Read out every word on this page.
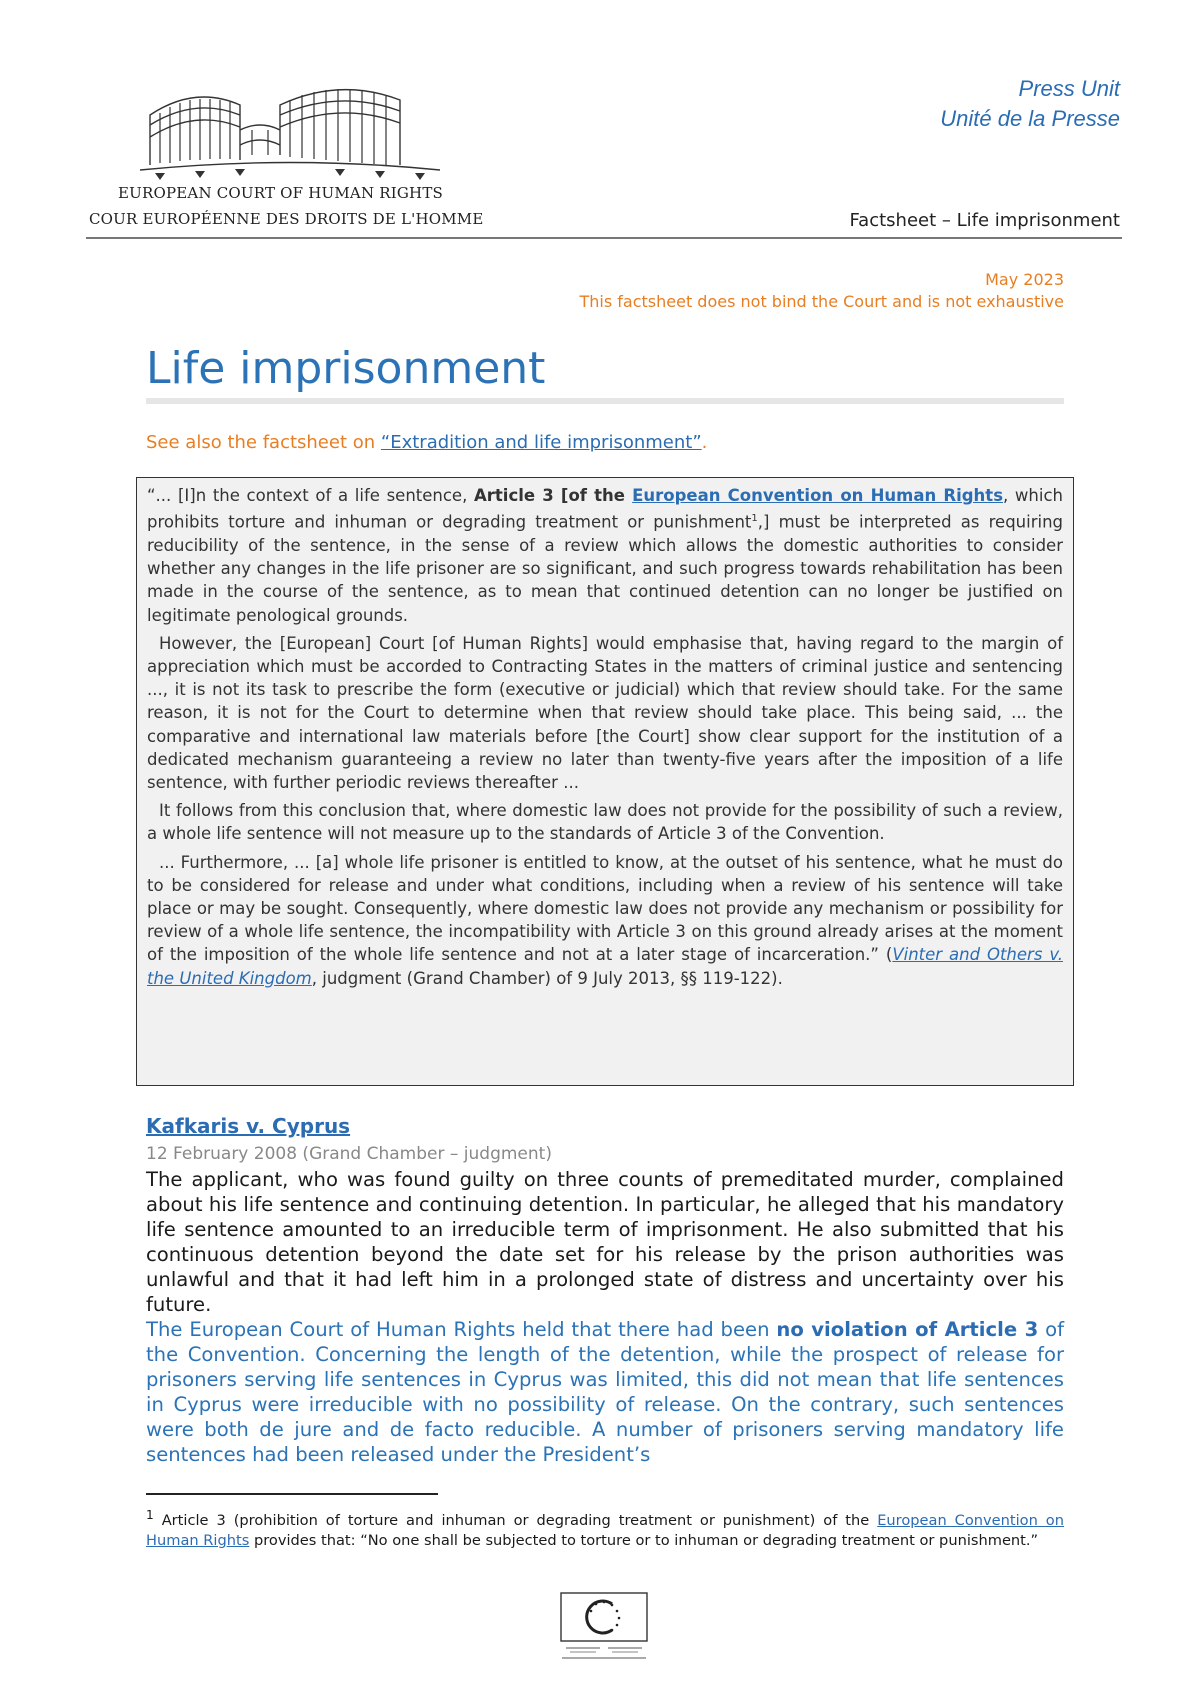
EUROPEAN COURT OF HUMAN RIGHTS
COUR EUROPÉENNE DES DROITS DE L'HOMME
Press Unit
Unité de la Presse
Factsheet – Life imprisonment
May 2023
This factsheet does not bind the Court and is not exhaustive
Life imprisonment
See also the factsheet on “Extradition and life imprisonment”.

“... [I]n the context of a life sentence, Article 3 [of the European Convention on Human Rights, which prohibits torture and inhuman or degrading treatment or punishment$^1$,] must be interpreted as requiring reducibility of the sentence, in the sense of a review which allows the domestic authorities to consider whether any changes in the life prisoner are so significant, and such progress towards rehabilitation has been made in the course of the sentence, as to mean that continued detention can no longer be justified on legitimate penological grounds.

However, the [European] Court [of Human Rights] would emphasise that, having regard to the margin of appreciation which must be accorded to Contracting States in the matters of criminal justice and sentencing ..., it is not its task to prescribe the form (executive or judicial) which that review should take. For the same reason, it is not for the Court to determine when that review should take place. This being said, ... the comparative and international law materials before [the Court] show clear support for the institution of a dedicated mechanism guaranteeing a review no later than twenty-five years after the imposition of a life sentence, with further periodic reviews thereafter ...

It follows from this conclusion that, where domestic law does not provide for the possibility of such a review, a whole life sentence will not measure up to the standards of Article 3 of the Convention.

... Furthermore, ... [a] whole life prisoner is entitled to know, at the outset of his sentence, what he must do to be considered for release and under what conditions, including when a review of his sentence will take place or may be sought. Consequently, where domestic law does not provide any mechanism or possibility for review of a whole life sentence, the incompatibility with Article 3 on this ground already arises at the moment of the imposition of the whole life sentence and not at a later stage of incarceration.” (Vinter and Others v. the United Kingdom, judgment (Grand Chamber) of 9 July 2013, §§ 119-122).

Kafkaris v. Cyprus
12 February 2008 (Grand Chamber – judgment)

The applicant, who was found guilty on three counts of premeditated murder, complained about his life sentence and continuing detention. In particular, he alleged that his mandatory life sentence amounted to an irreducible term of imprisonment. He also submitted that his continuous detention beyond the date set for his release by the prison authorities was unlawful and that it had left him in a prolonged state of distress and uncertainty over his future.

The European Court of Human Rights held that there had been no violation of Article 3 of the Convention. Concerning the length of the detention, while the prospect of release for prisoners serving life sentences in Cyprus was limited, this did not mean that life sentences in Cyprus were irreducible with no possibility of release. On the contrary, such sentences were both de jure and de facto reducible. A number of prisoners serving mandatory life sentences had been released under the President’s

$^1$ Article 3 (prohibition of torture and inhuman or degrading treatment or punishment) of the European Convention on Human Rights provides that: “No one shall be subjected to torture or to inhuman or degrading treatment or punishment.”
